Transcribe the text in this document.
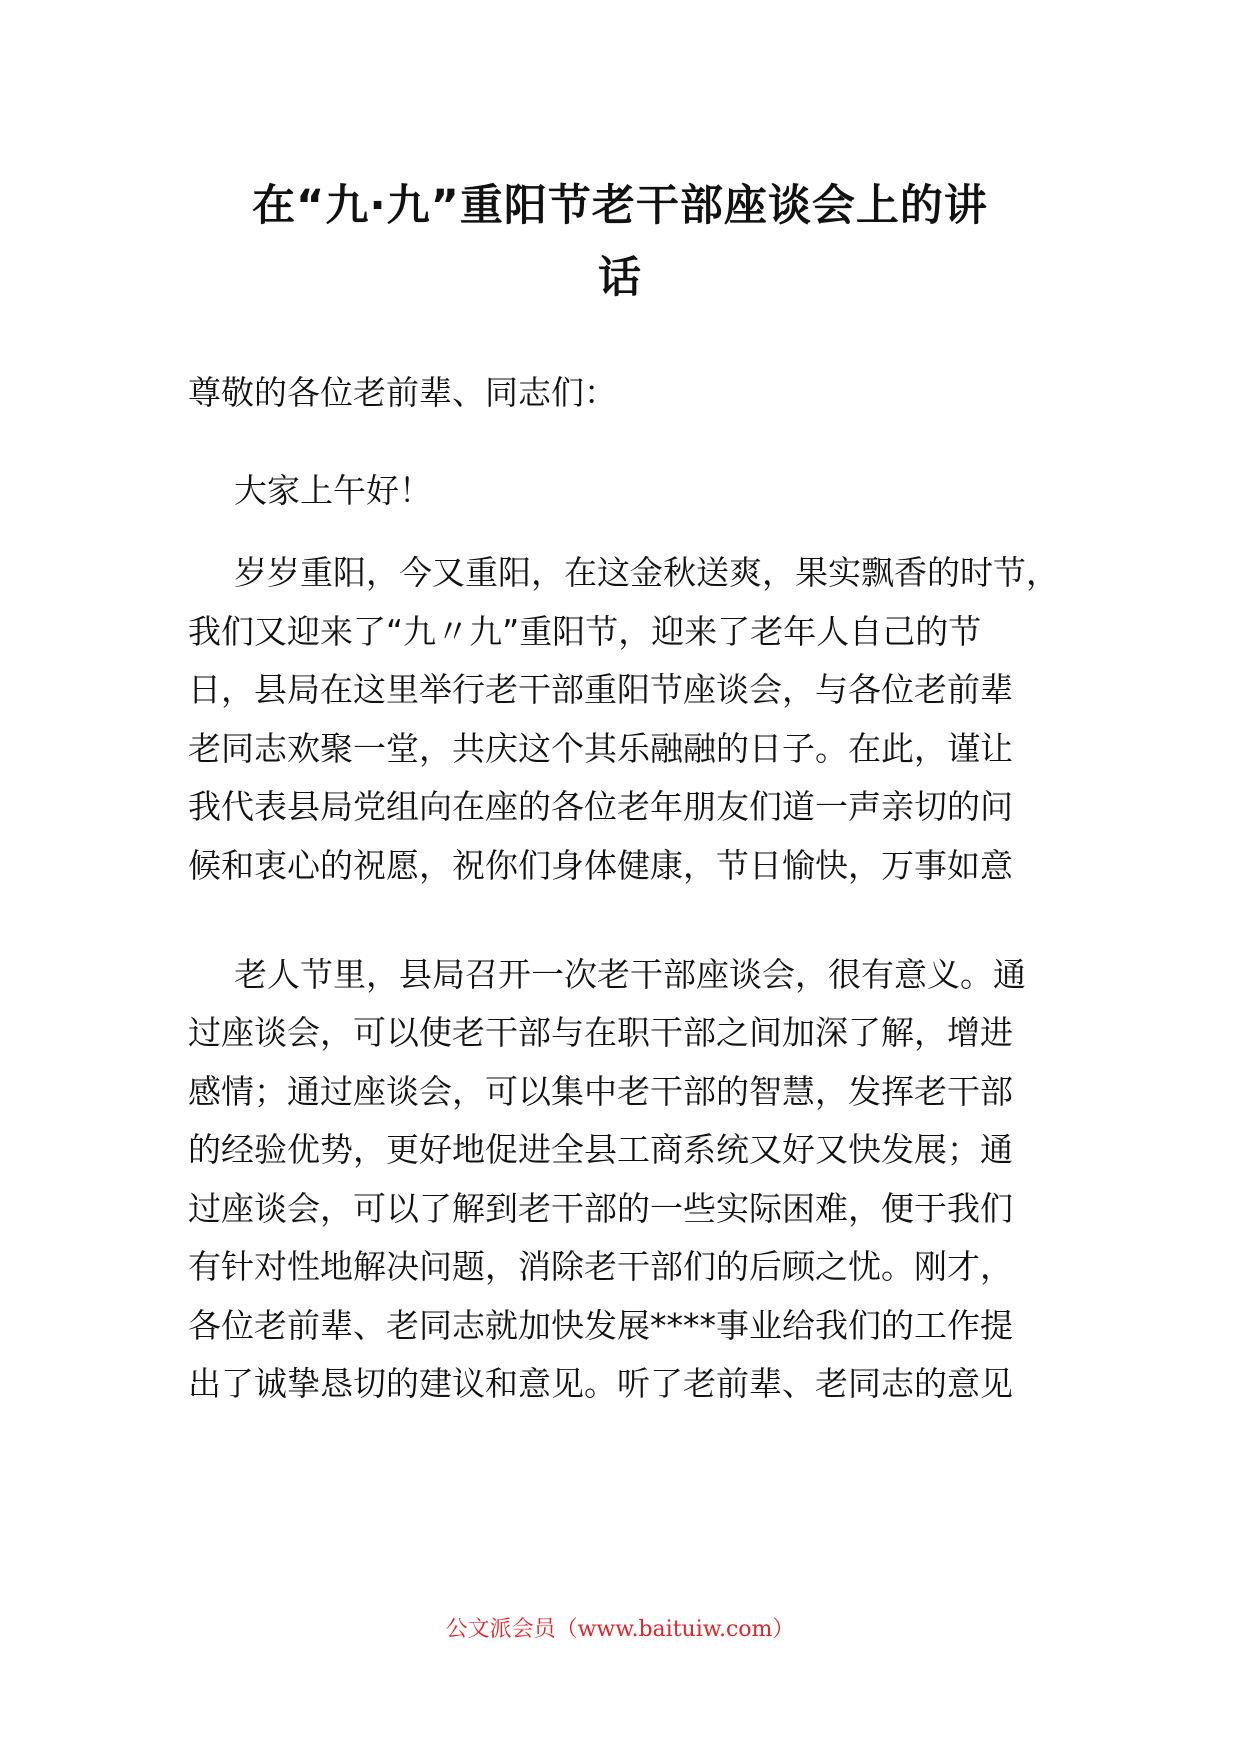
在“九·九”重阳节老干部座谈会上的讲
话
尊敬的各位老前辈、同志们：
大家上午好！
岁岁重阳，今又重阳，在这金秋送爽，果实飘香的时节，
我们又迎来了“九〃九”重阳节，迎来了老年人自己的节
日，县局在这里举行老干部重阳节座谈会，与各位老前辈
老同志欢聚一堂，共庆这个其乐融融的日子。在此，谨让
我代表县局党组向在座的各位老年朋友们道一声亲切的问
候和衷心的祝愿，祝你们身体健康，节日愉快，万事如意
老人节里，县局召开一次老干部座谈会，很有意义。通
过座谈会，可以使老干部与在职干部之间加深了解，增进
感情；通过座谈会，可以集中老干部的智慧，发挥老干部
的经验优势，更好地促进全县工商系统又好又快发展；通
过座谈会，可以了解到老干部的一些实际困难，便于我们
有针对性地解决问题，消除老干部们的后顾之忧。刚才，
各位老前辈、老同志就加快发展****事业给我们的工作提
出了诚挚恳切的建议和意见。听了老前辈、老同志的意见
公文派会员（www.baituiw.com）
